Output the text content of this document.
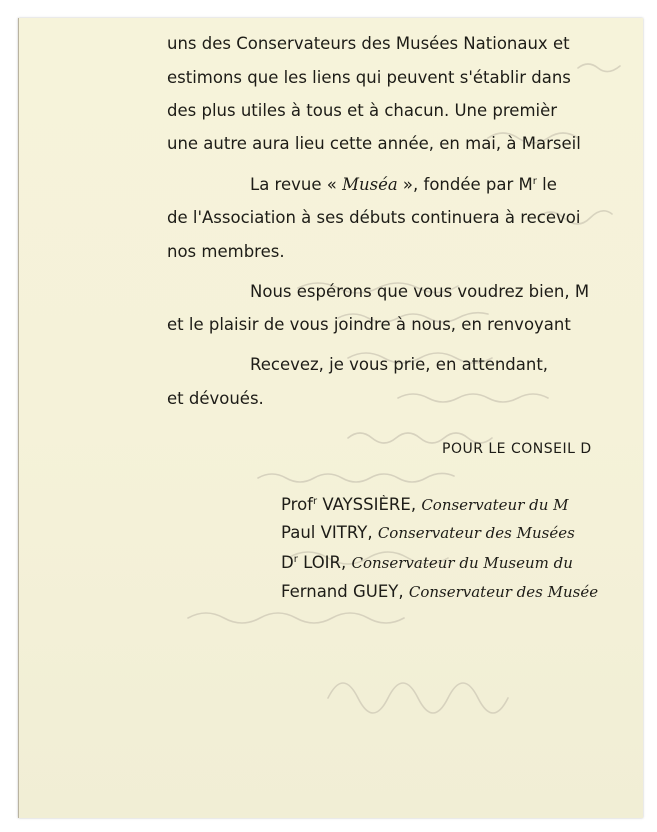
uns des Conservateurs des Musées Nationaux et
estimons que les liens qui peuvent s'établir dans
des plus utiles à tous et à chacun. Une premièr
une autre aura lieu cette année, en mai, à Marseil
La revue « Muséa », fondée par $M^r$ le
de l'Association à ses débuts continuera à recevoi
nos membres.
Nous espérons que vous voudrez bien, M
et le plaisir de vous joindre à nous, en renvoyant
Recevez, je vous prie, en attendant,
et dévoués.
POUR LE CONSEIL D
Prof$^r$ VAYSSIÈRE, Conservateur du M
Paul VITRY, Conservateur des Musées
$D^r$ LOIR, Conservateur du Museum du
Fernand GUEY, Conservateur des Musée
